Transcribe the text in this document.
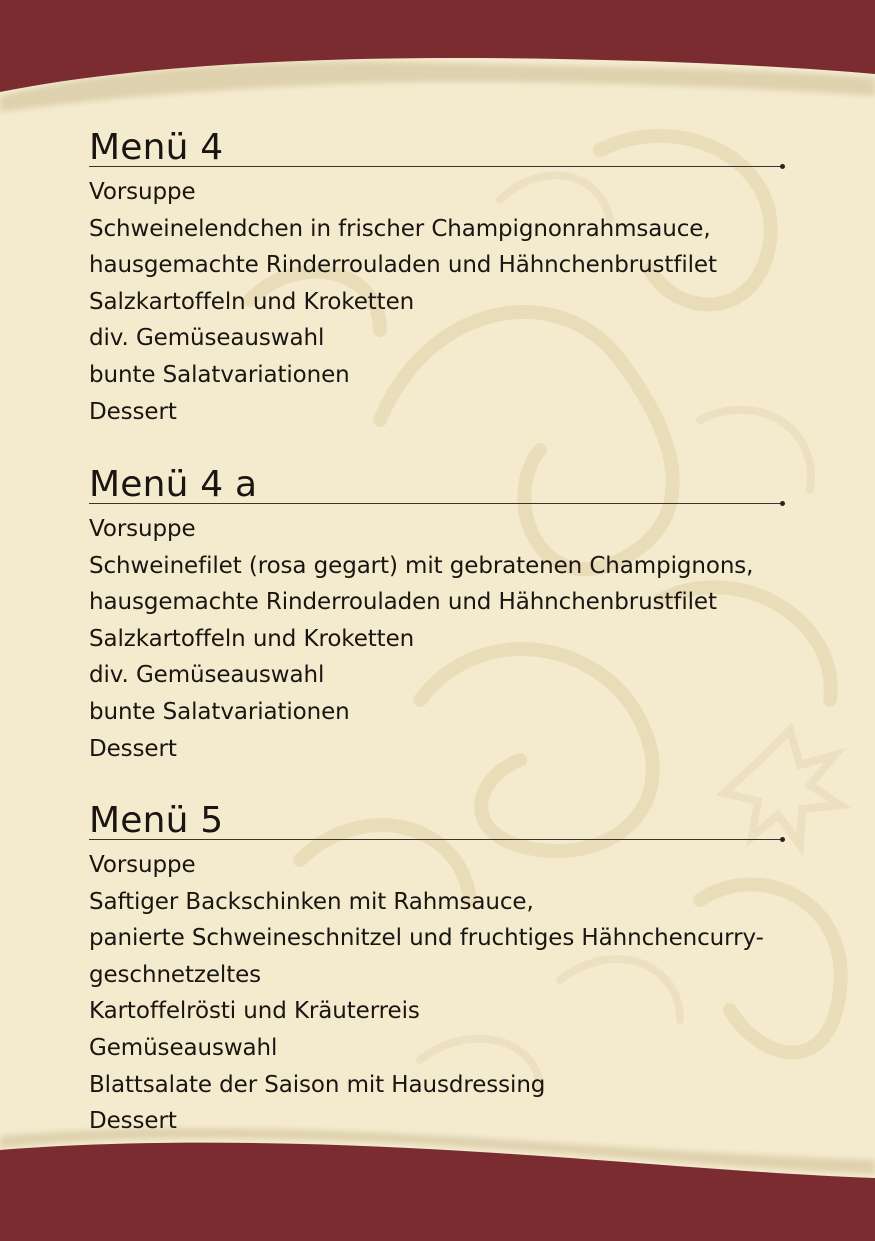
Menü 4
Vorsuppe
Schweinelendchen in frischer Champignonrahmsauce,
hausgemachte Rinderrouladen und Hähnchenbrustfilet
Salzkartoffeln und Kroketten
div. Gemüseauswahl
bunte Salatvariationen
Dessert
Menü 4 a
Vorsuppe
Schweinefilet (rosa gegart) mit gebratenen Champignons,
hausgemachte Rinderrouladen und Hähnchenbrustfilet
Salzkartoffeln und Kroketten
div. Gemüseauswahl
bunte Salatvariationen
Dessert
Menü 5
Vorsuppe
Saftiger Backschinken mit Rahmsauce,
panierte Schweineschnitzel und fruchtiges Hähnchencurry-
geschnetzeltes
Kartoffelrösti und Kräuterreis
Gemüseauswahl
Blattsalate der Saison mit Hausdressing
Dessert
